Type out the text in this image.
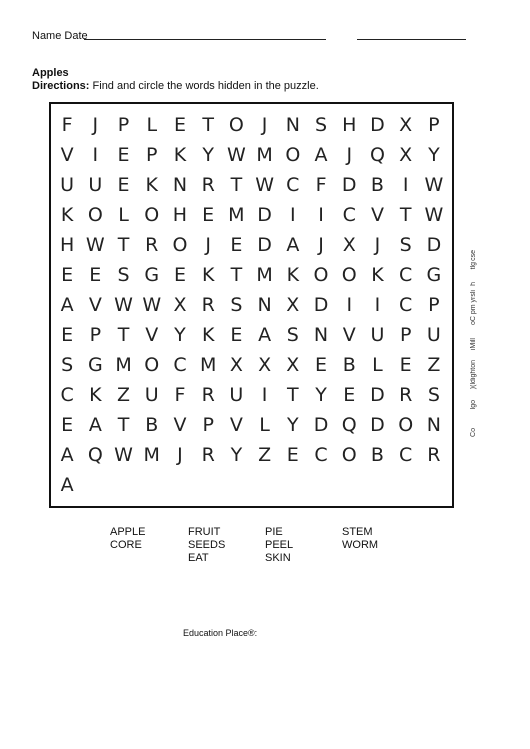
Name Date
Apples
Directions: Find and circle the words hidden in the puzzle.
F	J	P L E T O J N S H D X P
V I	E P K Y W M O A J Q X Y
U U E K N R T W C F D B I W
K O L O H E M D I	I C V T W
H W T R O J	E D A J X J	S D
E E S G E K T M K O O K C G
A V W W X R S N X D I	I C P
E P T V Y K E A S N V U P U
S G M O C M X X X E B L E Z
C K Z U F R U I	T Y E D R S
E A T B V P V L Y D Q D O N
A Q W M J R Y Z E C O B C R
A
Co
lgo
)(ldighton
iMill
oC pm yrsli
h
tlg
cse
APPLE
CORE
FRUIT
SEEDS
EAT
PIE
PEEL
SKIN
STEM
WORM
Education Place®:
